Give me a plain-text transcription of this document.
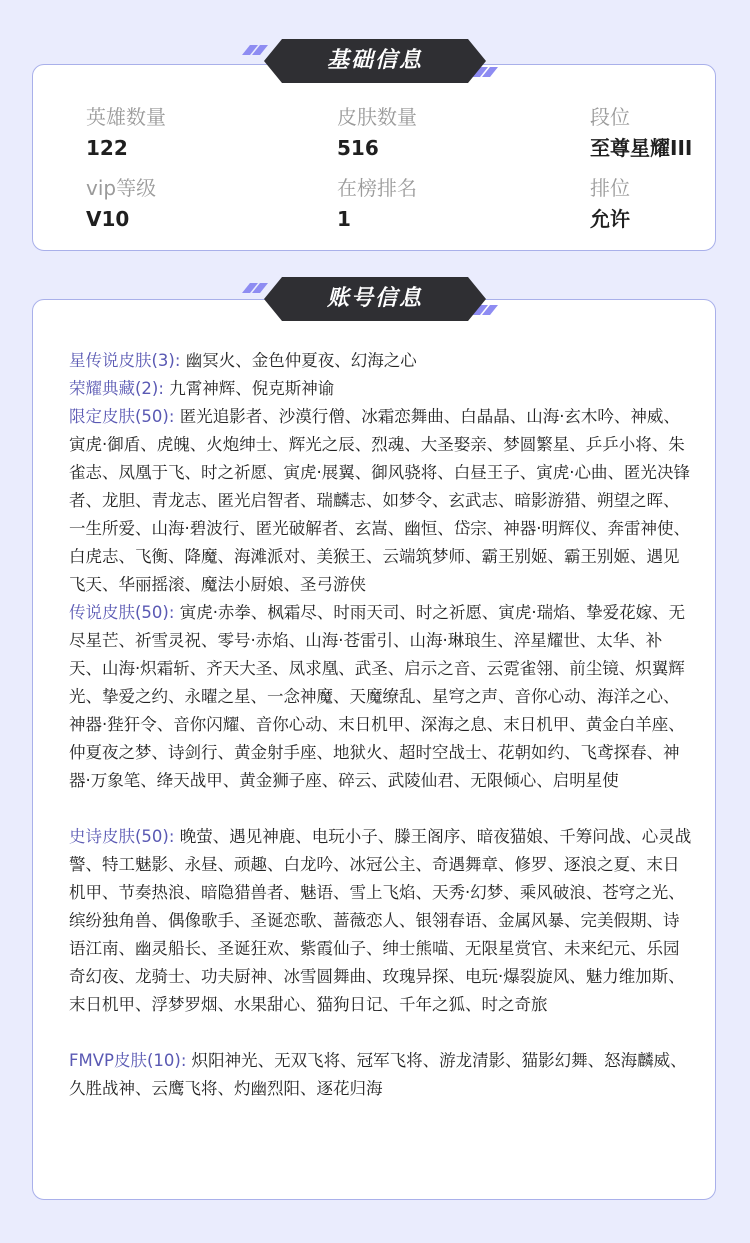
英雄数量
122
皮肤数量
516
段位
至尊星耀III
vip等级
V10
在榜排名
1
排位
允许
基础信息

星传说皮肤(3): 幽冥火、金色仲夏夜、幻海之心

荣耀典藏(2): 九霄神辉、倪克斯神谕

限定皮肤(50): 匿光追影者、沙漠行僧、冰霜恋舞曲、白晶晶、山海·玄木吟、神威、寅虎·御盾、虎魄、火炮绅士、辉光之辰、烈魂、大圣娶亲、梦圆繁星、乒乒小将、朱雀志、凤凰于飞、时之祈愿、寅虎·展翼、御风骁将、白昼王子、寅虎·心曲、匿光决锋者、龙胆、青龙志、匿光启智者、瑞麟志、如梦令、玄武志、暗影游猎、朔望之晖、一生所爱、山海·碧波行、匿光破解者、玄嵩、幽恒、岱宗、神器·明辉仪、奔雷神使、白虎志、飞衡、降魔、海滩派对、美猴王、云端筑梦师、霸王别姬、霸王别姬、遇见飞天、华丽摇滚、魔法小厨娘、圣弓游侠

传说皮肤(50): 寅虎·赤拳、枫霜尽、时雨天司、时之祈愿、寅虎·瑞焰、挚爱花嫁、无尽星芒、祈雪灵祝、零号·赤焰、山海·苍雷引、山海·琳琅生、淬星耀世、太华、补天、山海·炽霜斩、齐天大圣、凤求凰、武圣、启示之音、云霓雀翎、前尘镜、炽翼辉光、挚爱之约、永曜之星、一念神魔、天魔缭乱、星穹之声、音你心动、海洋之心、神器·狴犴令、音你闪耀、音你心动、末日机甲、深海之息、末日机甲、黄金白羊座、仲夏夜之梦、诗剑行、黄金射手座、地狱火、超时空战士、花朝如约、飞鸢探春、神器·万象笔、绛天战甲、黄金狮子座、碎云、武陵仙君、无限倾心、启明星使

史诗皮肤(50): 晚萤、遇见神鹿、电玩小子、滕王阁序、暗夜猫娘、千筹问战、心灵战警、特工魅影、永昼、顽趣、白龙吟、冰冠公主、奇遇舞章、修罗、逐浪之夏、末日机甲、节奏热浪、暗隐猎兽者、魅语、雪上飞焰、天秀·幻梦、乘风破浪、苍穹之光、缤纷独角兽、偶像歌手、圣诞恋歌、蔷薇恋人、银翎春语、金属风暴、完美假期、诗语江南、幽灵船长、圣诞狂欢、紫霞仙子、绅士熊喵、无限星赏官、未来纪元、乐园奇幻夜、龙骑士、功夫厨神、冰雪圆舞曲、玫瑰异探、电玩·爆裂旋风、魅力维加斯、末日机甲、浮梦罗烟、水果甜心、猫狗日记、千年之狐、时之奇旅

FMVP皮肤(10): 炽阳神光、无双飞将、冠军飞将、游龙清影、猫影幻舞、怒海麟威、久胜战神、云鹰飞将、灼幽烈阳、逐花归海

账号信息
